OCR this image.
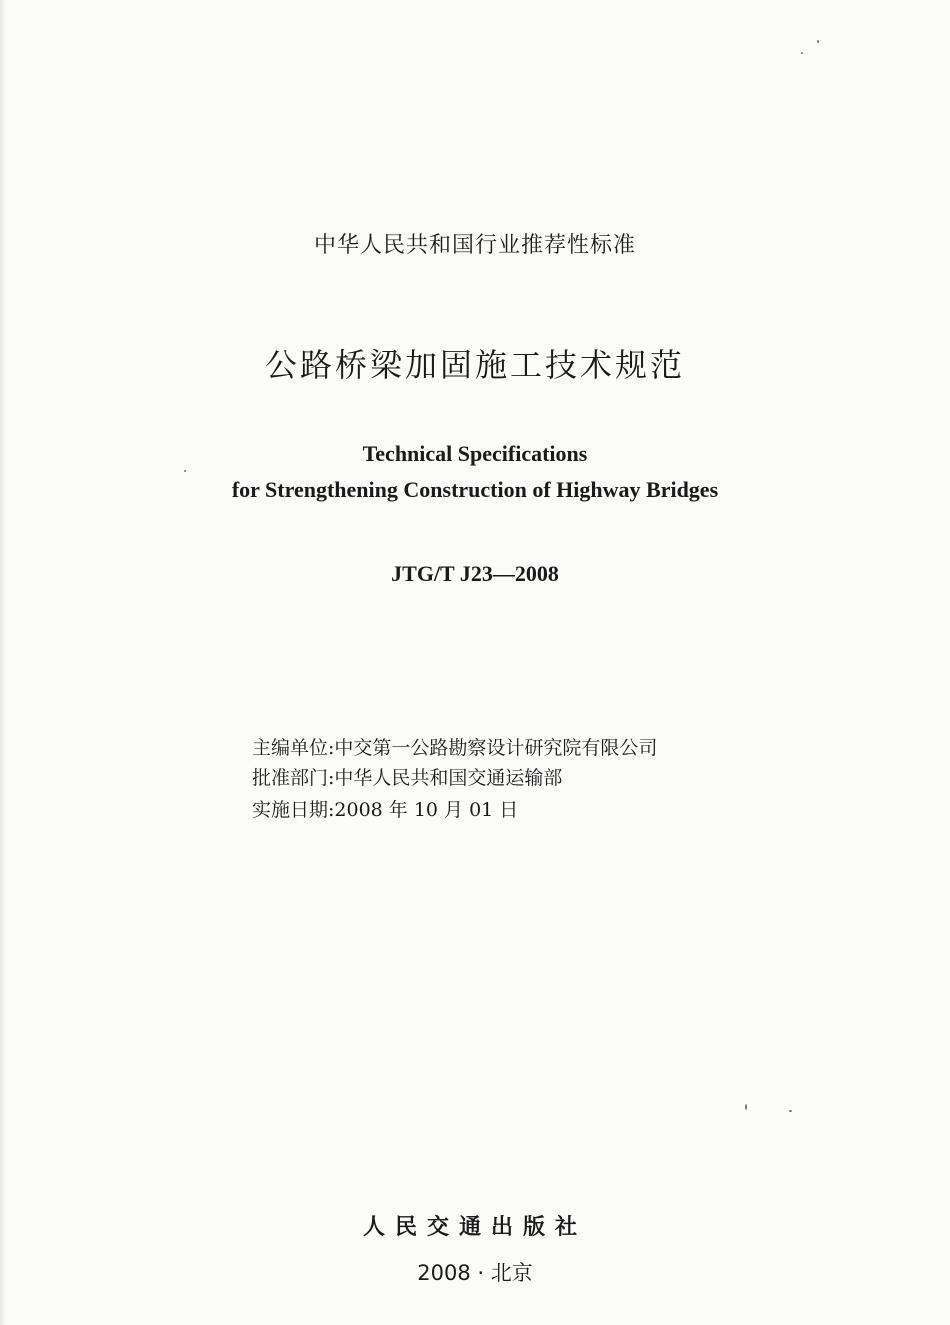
中华人民共和国行业推荐性标准
公路桥梁加固施工技术规范
Technical Specifications
for Strengthening Construction of Highway Bridges
JTG/T J23—2008
主编单位:中交第一公路勘察设计研究院有限公司
批准部门:中华人民共和国交通运输部
实施日期:2008 年 10 月 01 日
人民交通出版社
2008 · 北京
